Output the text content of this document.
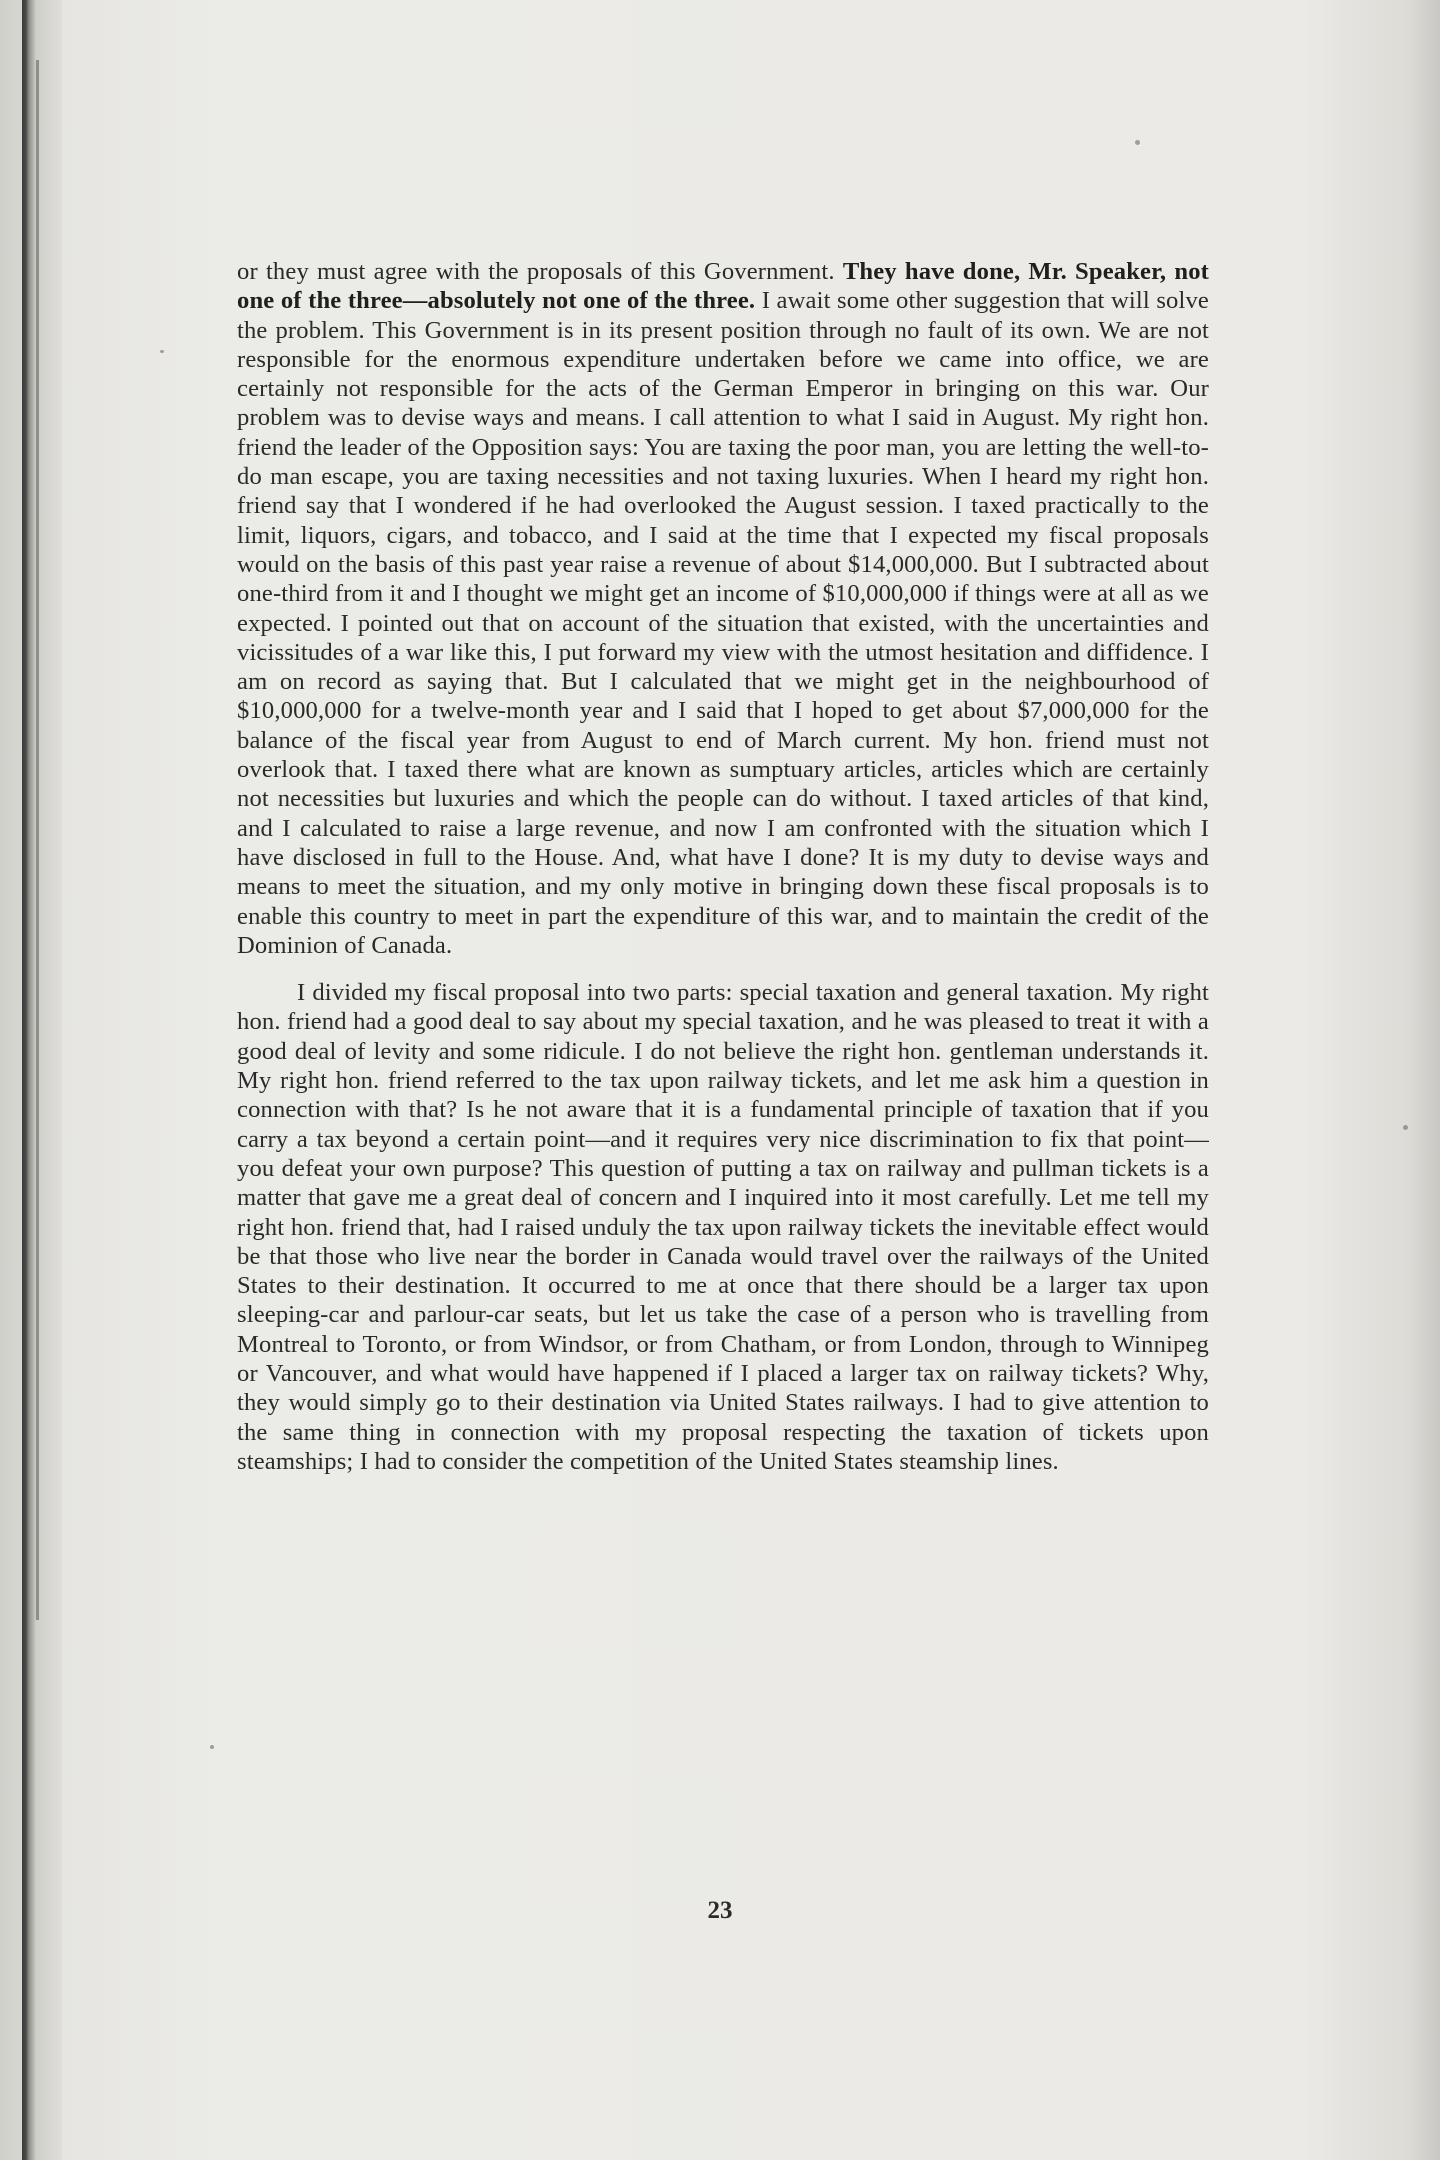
or they must agree with the proposals of this Government. They have done, Mr. Speaker, not one of the three—absolutely not one of the three. I await some other suggestion that will solve the problem. This Government is in its present position through no fault of its own. We are not responsible for the enormous expenditure undertaken before we came into office, we are certainly not responsible for the acts of the German Emperor in bringing on this war. Our problem was to devise ways and means. I call attention to what I said in August. My right hon. friend the leader of the Opposition says: You are taxing the poor man, you are letting the well-to-do man escape, you are taxing necessities and not taxing luxuries. When I heard my right hon. friend say that I wondered if he had overlooked the August session. I taxed practically to the limit, liquors, cigars, and tobacco, and I said at the time that I expected my fiscal proposals would on the basis of this past year raise a revenue of about $14,000,000. But I subtracted about one-third from it and I thought we might get an income of $10,000,000 if things were at all as we expected. I pointed out that on account of the situation that existed, with the uncertainties and vicissitudes of a war like this, I put forward my view with the utmost hesitation and diffidence. I am on record as saying that. But I calculated that we might get in the neighbourhood of $10,000,000 for a twelve-month year and I said that I hoped to get about $7,000,000 for the balance of the fiscal year from August to end of March current. My hon. friend must not overlook that. I taxed there what are known as sumptuary articles, articles which are certainly not necessities but luxuries and which the people can do without. I taxed articles of that kind, and I calculated to raise a large revenue, and now I am confronted with the situation which I have disclosed in full to the House. And, what have I done? It is my duty to devise ways and means to meet the situation, and my only motive in bringing down these fiscal proposals is to enable this country to meet in part the expenditure of this war, and to maintain the credit of the Dominion of Canada.

I divided my fiscal proposal into two parts: special taxation and general taxation. My right hon. friend had a good deal to say about my special taxation, and he was pleased to treat it with a good deal of levity and some ridicule. I do not believe the right hon. gentleman understands it. My right hon. friend referred to the tax upon railway tickets, and let me ask him a question in connection with that? Is he not aware that it is a fundamental principle of taxation that if you carry a tax beyond a certain point—and it requires very nice discrimination to fix that point—you defeat your own purpose? This question of putting a tax on railway and pullman tickets is a matter that gave me a great deal of concern and I inquired into it most carefully. Let me tell my right hon. friend that, had I raised unduly the tax upon railway tickets the inevitable effect would be that those who live near the border in Canada would travel over the railways of the United States to their destination. It occurred to me at once that there should be a larger tax upon sleeping-car and parlour-car seats, but let us take the case of a person who is travelling from Montreal to Toronto, or from Windsor, or from Chatham, or from London, through to Winnipeg or Vancouver, and what would have happened if I placed a larger tax on railway tickets? Why, they would simply go to their destination via United States railways. I had to give attention to the same thing in connection with my proposal respecting the taxation of tickets upon steamships; I had to consider the competition of the United States steamship lines.

23
